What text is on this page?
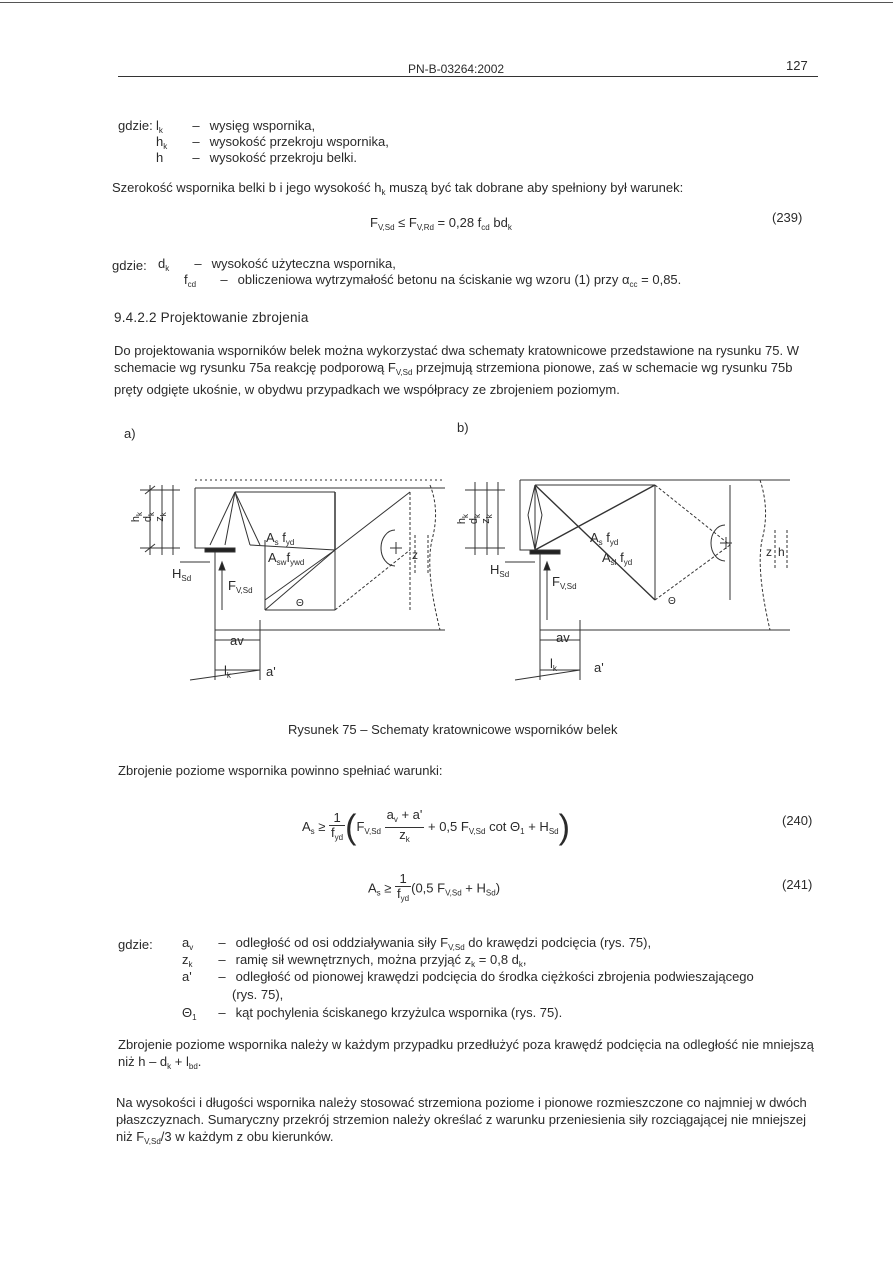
PN-B-03264:2002	127
gdzie: $l_k$ – wysięg wspornika,
$h_k$ – wysokość przekroju wspornika,
h – wysokość przekroju belki.
Szerokość wspornika belki b i jego wysokość $h_k$ muszą być tak dobrane aby spełniony był warunek:
$F_{V,Sd} \le F_{V,Rd} = 0,28$ $f_{cd}$ $bd_k$
(239)
gdzie: $d_k$ – wysokość użyteczna wspornika,
$f_{cd}$ – obliczeniowa wytrzymałość betonu na ściskanie wg wzoru (1) przy $\alpha_{cc} = 0,85$.
9.4.2.2 Projektowanie zbrojenia
Do projektowania wsporników belek można wykorzystać dwa schematy kratownicowe przedstawione na rysunku 75. W schemacie wg rysunku 75a reakcję podporową $F_{V,Sd}$ przejmują strzemiona pionowe, zaś w schemacie wg rysunku 75b pręty odgięte ukośnie, w obydwu przypadkach we współpracy ze zbrojeniem poziomym.
a)	b)
$h_k$
$d_k$
$z_k$
$H_{Sd}$	$F_{V,Sd}$
$A_s$ $f_{yd}$
$A_{sw}f_{ywd}$
Θ
av
$l_k$	a'
z
$h_k$
$d_k$
$z_k$
$H_{Sd}$	$F_{V,Sd}$
$A_s$ $f_{yd}$
$A_{sl}$ $f_{yd}$
Θ
av
$l_k$	a'
z h
Rysunek 75 – Schematy kratownicowe wsporników belek
Zbrojenie poziome wspornika powinno spełniać warunki:
$A_s \ge \frac{1}{f_{yd}} (F_{V,Sd} \frac{a_v + a'}{z_k} + 0,5$ $F_{V,Sd}$ $\cot \Theta_1 + H_{Sd}$)	(240)
$A_s \ge \frac{1}{f_{yd}} (0,5$ $F_{V,Sd} + H_{Sd}$)	(241)
gdzie: $a_v$ – odległość od osi oddziaływania siły $F_{V,Sd}$ do krawędzi podcięcia (rys. 75),
$z_k$ – ramię sił wewnętrznych, można przyjąć $z_k = 0,8$ $d_k$,
a' – odległość od pionowej krawędzi podcięcia do środka ciężkości zbrojenia podwieszającego
(rys. 75),
$\Theta_1$ – kąt pochylenia ściskanego krzyżulca wspornika (rys. 75).
Zbrojenie poziome wspornika należy w każdym przypadku przedłużyć poza krawędź podcięcia na odległość nie mniejszą niż $h - d_k + l_{bd}$.
Na wysokości i długości wspornika należy stosować strzemiona poziome i pionowe rozmieszczone co najmniej w dwóch płaszczyznach. Sumaryczny przekrój strzemion należy określać z warunku przeniesienia siły rozciągającej nie mniejszej niż $F_{V,Sd}/3$ w każdym z obu kierunków.
